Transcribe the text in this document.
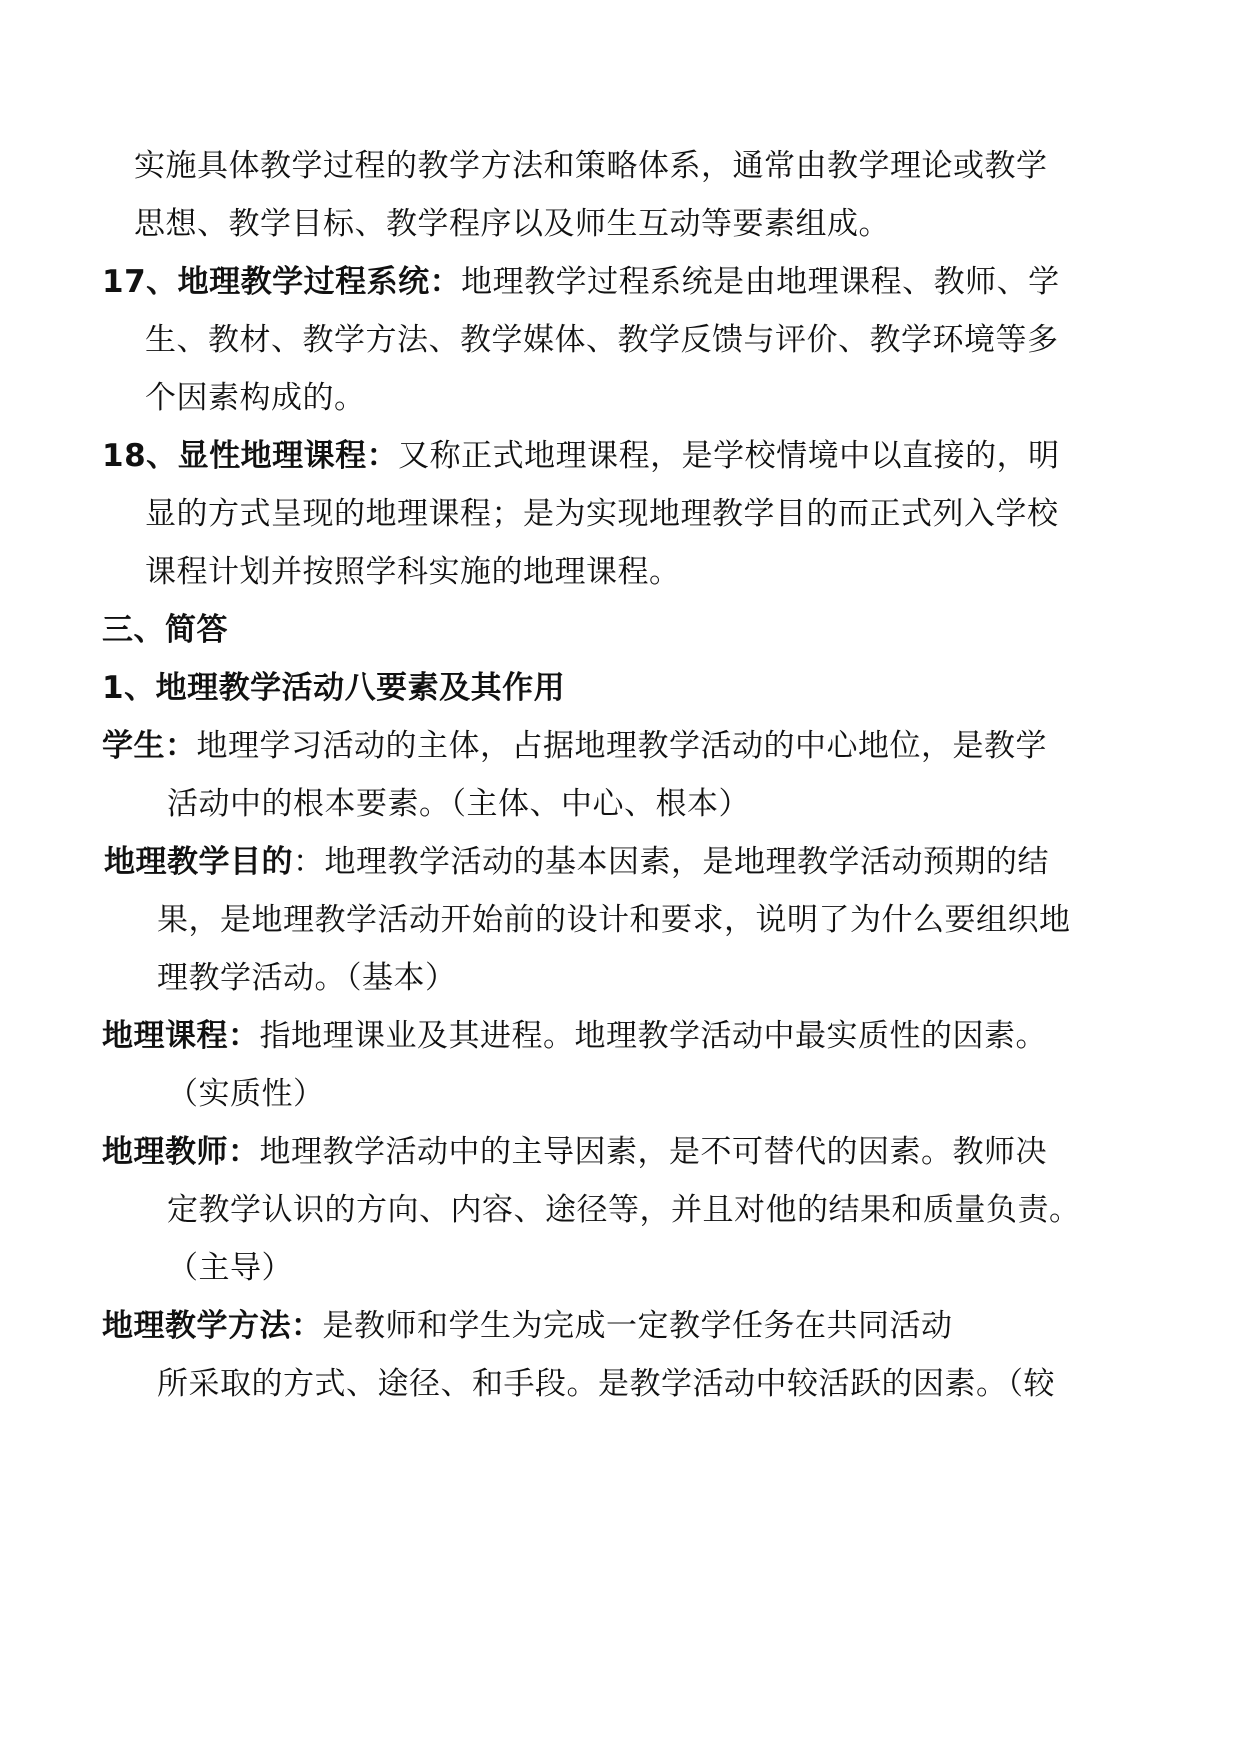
实施具体教学过程的教学方法和策略体系，通常由教学理论或教学
思想、教学目标、教学程序以及师生互动等要素组成。
17、地理教学过程系统：地理教学过程系统是由地理课程、教师、学
生、教材、教学方法、教学媒体、教学反馈与评价、教学环境等多
个因素构成的。
18、显性地理课程：又称正式地理课程，是学校情境中以直接的，明
显的方式呈现的地理课程；是为实现地理教学目的而正式列入学校
课程计划并按照学科实施的地理课程。
三、简答
1、地理教学活动八要素及其作用
学生：地理学习活动的主体，占据地理教学活动的中心地位，是教学
活动中的根本要素。（主体、中心、根本）
地理教学目的：地理教学活动的基本因素，是地理教学活动预期的结
果，是地理教学活动开始前的设计和要求，说明了为什么要组织地
理教学活动。（基本）
地理课程：指地理课业及其进程。地理教学活动中最实质性的因素。
（实质性）
地理教师：地理教学活动中的主导因素，是不可替代的因素。教师决
定教学认识的方向、内容、途径等，并且对他的结果和质量负责。
（主导）
地理教学方法：是教师和学生为完成一定教学任务在共同活动
所采取的方式、途径、和手段。是教学活动中较活跃的因素。（较
